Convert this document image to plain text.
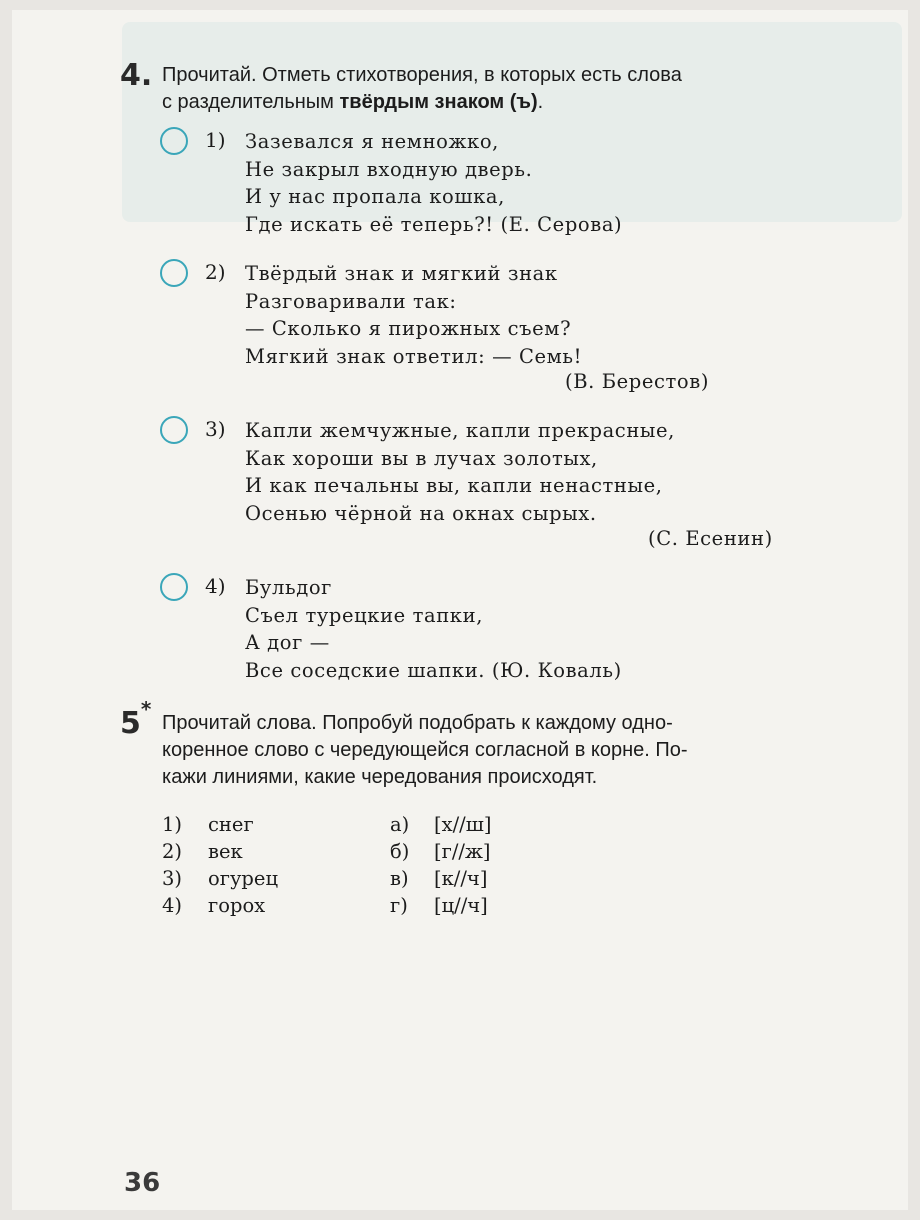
4. Прочитай. Отметь стихотворения, в которых есть слова
с разделительным твёрдым знаком (ъ).
1) Зазевался я немножко,
Не закрыл входную дверь.
И у нас пропала кошка,
Где искать её теперь?! (Е. Серова)
2) Твёрдый знак и мягкий знак
Разговаривали так:
— Сколько я пирожных съем?
Мягкий знак ответил: — Семь!
(В. Берестов)
3) Капли жемчужные, капли прекрасные,
Как хороши вы в лучах золотых,
И как печальны вы, капли ненастные,
Осенью чёрной на окнах сырых.
(С. Есенин)
4) Бульдог
Съел турецкие тапки,
А дог —
Все соседские шапки. (Ю. Коваль)
5*
Прочитай слова. Попробуй подобрать к каждому одно-
коренное слово с чередующейся согласной в корне. По-
кажи линиями, какие чередования происходят.
1) снег
2) век
3) огурец
4) горох
а) [х//ш]
б) [г//ж]
в) [к//ч]
г) [ц//ч]
36
